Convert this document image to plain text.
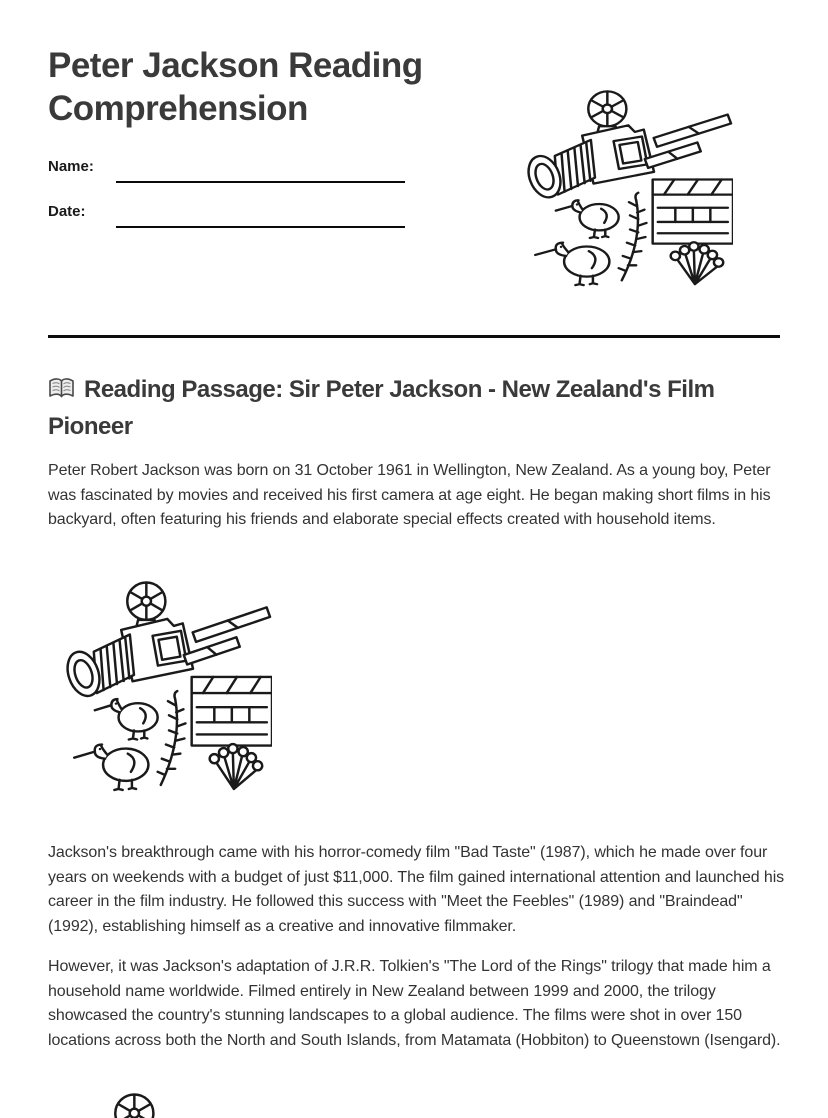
Peter Jackson Reading Comprehension
Name:
Date:
Reading Passage: Sir Peter Jackson - New Zealand's Film Pioneer
Peter Robert Jackson was born on 31 October 1961 in Wellington, New Zealand. As a young boy, Peter was fascinated by movies and received his first camera at age eight. He began making short films in his backyard, often featuring his friends and elaborate special effects created with household items.
Jackson's breakthrough came with his horror-comedy film "Bad Taste" (1987), which he made over four years on weekends with a budget of just $11,000. The film gained international attention and launched his career in the film industry. He followed this success with "Meet the Feebles" (1989) and "Braindead" (1992), establishing himself as a creative and innovative filmmaker.
However, it was Jackson's adaptation of J.R.R. Tolkien's "The Lord of the Rings" trilogy that made him a household name worldwide. Filmed entirely in New Zealand between 1999 and 2000, the trilogy showcased the country's stunning landscapes to a global audience. The films were shot in over 150 locations across both the North and South Islands, from Matamata (Hobbiton) to Queenstown (Isengard).
